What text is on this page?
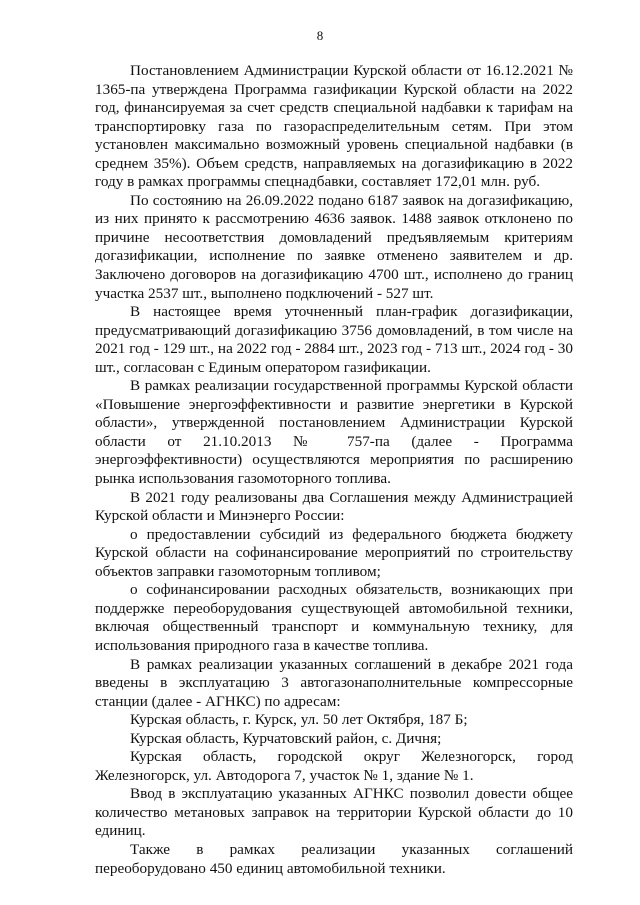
8

Постановлением Администрации Курской области от 16.12.2021 № 1365-па утверждена Программа газификации Курской области на 2022 год, финансируемая за счет средств специальной надбавки к тарифам на транспортировку газа по газораспределительным сетям. При этом установлен максимально возможный уровень специальной надбавки (в среднем 35%). Объем средств, направляемых на догазификацию в 2022 году в рамках программы спецнадбавки, составляет 172,01 млн. руб.

По состоянию на 26.09.2022 подано 6187 заявок на догазификацию, из них принято к рассмотрению 4636 заявок. 1488 заявок отклонено по причине несоответствия домовладений предъявляемым критериям догазификации, исполнение по заявке отменено заявителем и др. Заключено договоров на догазификацию 4700 шт., исполнено до границ участка 2537 шт., выполнено подключений - 527 шт.

В настоящее время уточненный план-график догазификации, предусматривающий догазификацию 3756 домовладений, в том числе на 2021 год - 129 шт., на 2022 год - 2884 шт., 2023 год - 713 шт., 2024 год - 30 шт., согласован с Единым оператором газификации.

В рамках реализации государственной программы Курской области «Повышение энергоэффективности и развитие энергетики в Курской области», утвержденной постановлением Администрации Курской области от 21.10.2013 № 757-па (далее - Программа энергоэффективности) осуществляются мероприятия по расширению рынка использования газомоторного топлива.

В 2021 году реализованы два Соглашения между Администрацией Курской области и Минэнерго России:

о предоставлении субсидий из федерального бюджета бюджету Курской области на софинансирование мероприятий по строительству объектов заправки газомоторным топливом;

о софинансировании расходных обязательств, возникающих при поддержке переоборудования существующей автомобильной техники, включая общественный транспорт и коммунальную технику, для использования природного газа в качестве топлива.

В рамках реализации указанных соглашений в декабре 2021 года введены в эксплуатацию 3 автогазонаполнительные компрессорные станции (далее - АГНКС) по адресам:

Курская область, г. Курск, ул. 50 лет Октября, 187 Б;

Курская область, Курчатовский район, с. Дичня;

Курская область, городской округ Железногорск, город Железногорск, ул. Автодорога 7, участок № 1, здание № 1.

Ввод в эксплуатацию указанных АГНКС позволил довести общее количество метановых заправок на территории Курской области до 10 единиц.

Также в рамках реализации указанных соглашений переоборудовано 450 единиц автомобильной техники.
